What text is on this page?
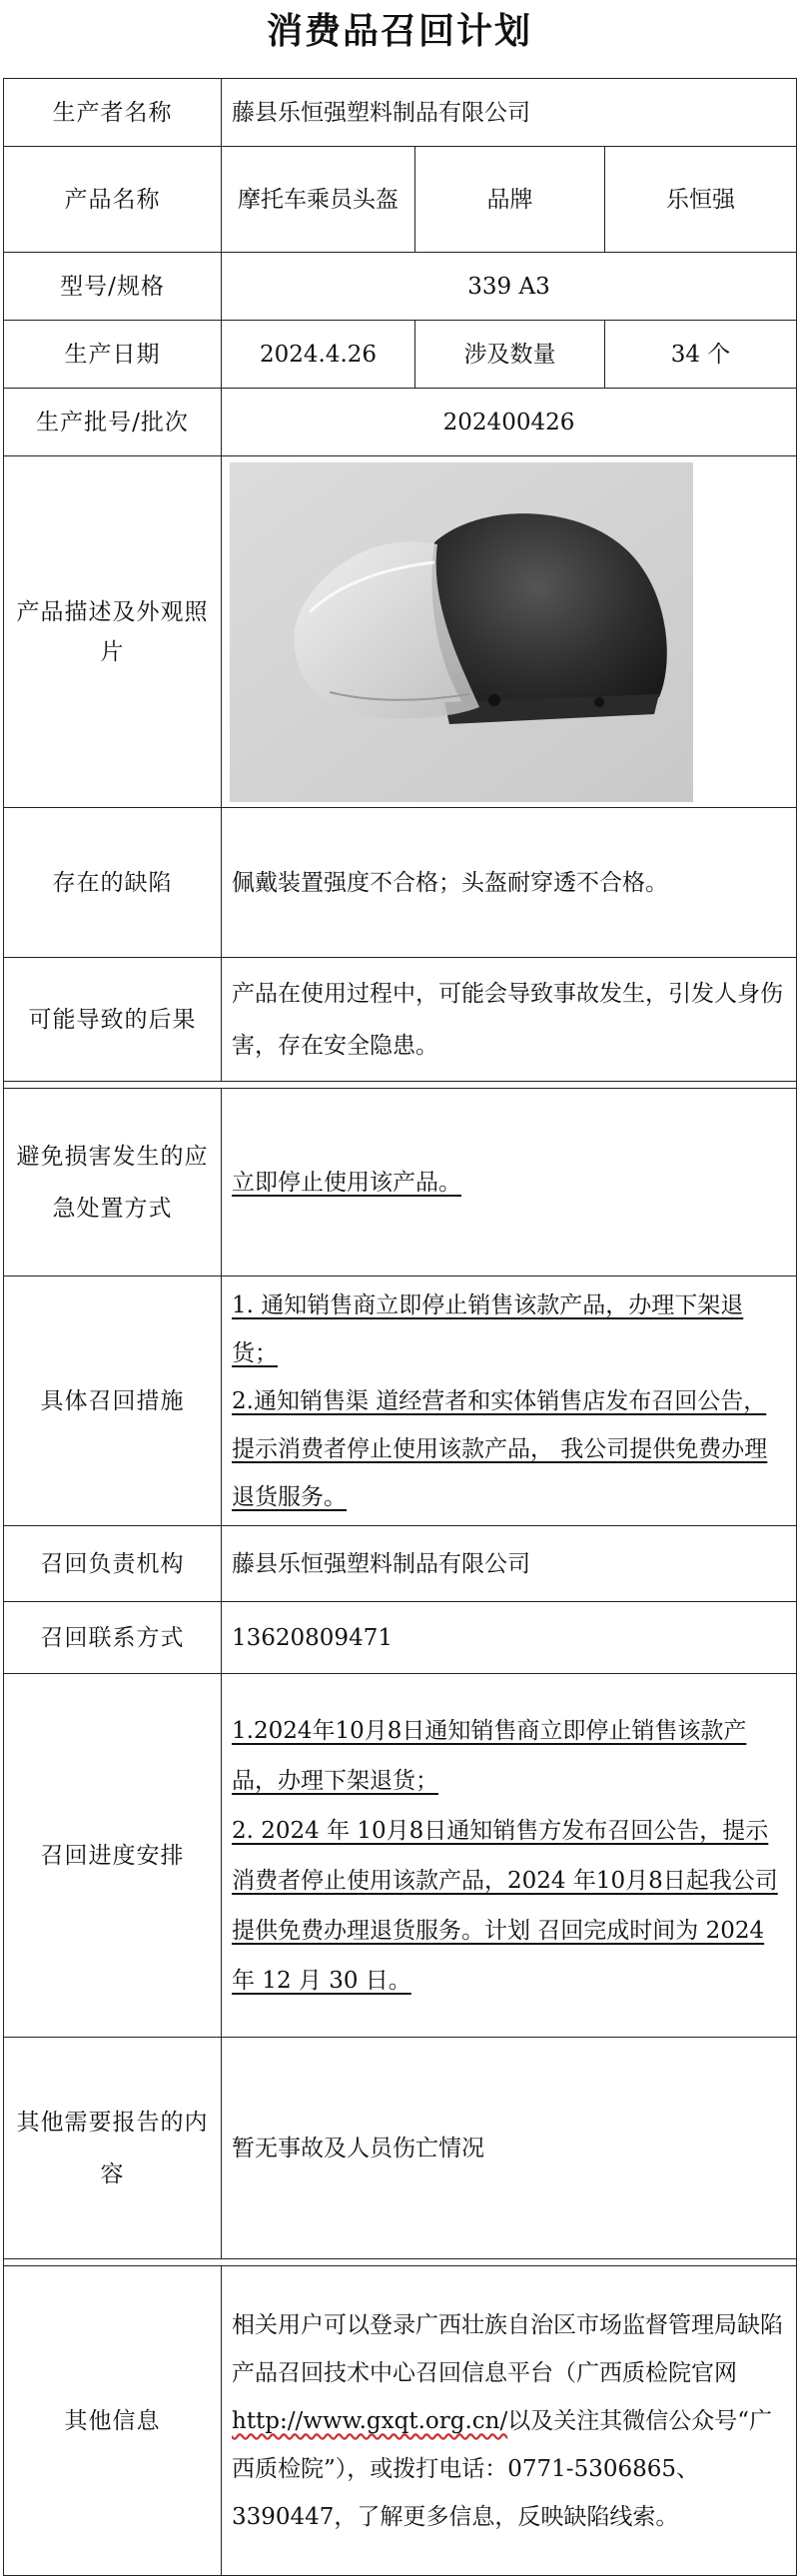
消费品召回计划
生产者名称	藤县乐恒强塑料制品有限公司		
产品名称	摩托车乘员头盔	品牌	乐恒强
型号/规格	339 A3		
生产日期	2024.4.26	涉及数量	34 个
生产批号/批次	202400426		
产品描述及外观照片	

存在的缺陷	佩戴装置强度不合格；头盔耐穿透不合格。		
可能导致的后果	产品在使用过程中，可能会导致事故发生，引发人身伤害，存在安全隐患。		

避免损害发生的应急处置方式	立即停止使用该产品。		
具体召回措施	1. 通知销售商立即停止销售该款产品，办理下架退货；
2.通知销售渠 道经营者和实体销售店发布召回公告，提示消费者停止使用该款产品， 我公司提供免费办理退货服务。		

召回负责机构	藤县乐恒强塑料制品有限公司		
召回联系方式	13620809471		
召回进度安排	1.2024年10月8日通知销售商立即停止销售该款产品，办理下架退货；
2. 2024 年 10月8日通知销售方发布召回公告，提示消费者停止使用该款产品，2024 年10月8日起我公司提供免费办理退货服务。计划 召回完成时间为 2024 年 12 月 30 日。		

其他需要报告的内容	暂无事故及人员伤亡情况		

其他信息	相关用户可以登录广西壮族自治区市场监督管理局缺陷产品召回技术中心召回信息平台（广西质检院官网 http://www.gxqt.org.cn/以及关注其微信公众号“广西质检院”），或拨打电话：0771-5306865、3390447，了解更多信息，反映缺陷线索。		
